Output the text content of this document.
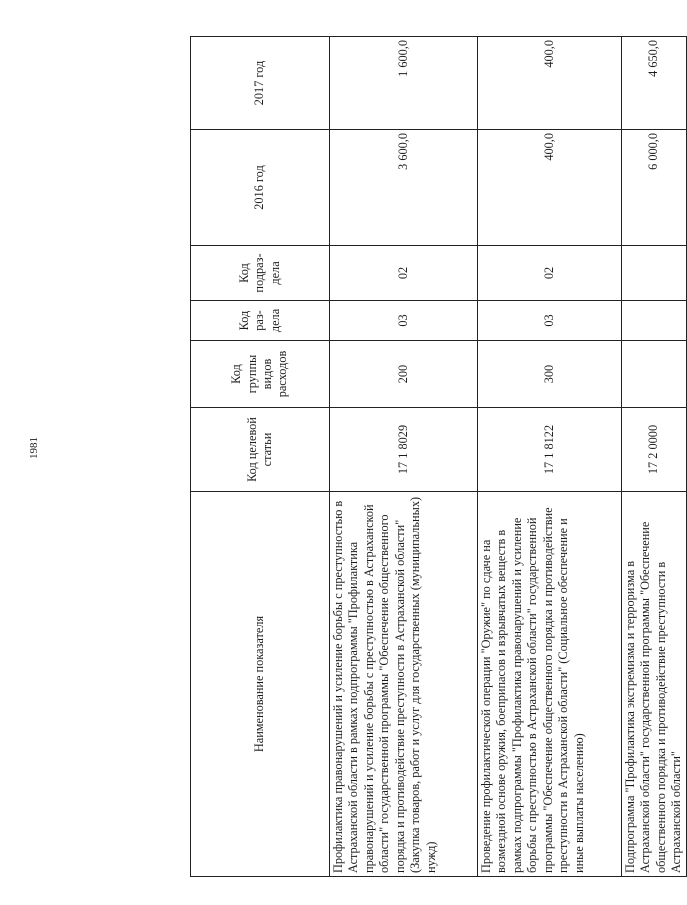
1981
Наименование показателя	Код целевой статьи	Код группы видов расходов	Код раз-дела	Код подраз-дела	2016 год	2017 год
Профилактика правонарушений и усиление борьбы с преступностью в Астраханской области в рамках подпрограммы "Профилактика правонарушений и усиление борьбы с преступностью в Астраханской области" государственной программы "Обеспечение общественного порядка и противодействие преступности в Астраханской области" (Закупка товаров, работ и услуг для государственных (муниципальных) нужд)	17 1 8029	200	03	02	3 600,0	1 600,0
Проведение профилактической операции "Оружие" по сдаче на возмездной основе оружия, боеприпасов и взрывчатых веществ в рамках подпрограммы "Профилактика правонарушений и усиление борьбы с преступностью в Астраханской области" государственной программы "Обеспечение общественного порядка и противодействие преступности в Астраханской области" (Социальное обеспечение и иные выплаты населению)	17 1 8122	300	03	02	400,0	400,0
Подпрограмма "Профилактика экстремизма и терроризма в Астраханской области" государственной программы "Обеспечение общественного порядка и противодействие преступности в Астраханской области"	17 2 0000				6 000,0	4 650,0
